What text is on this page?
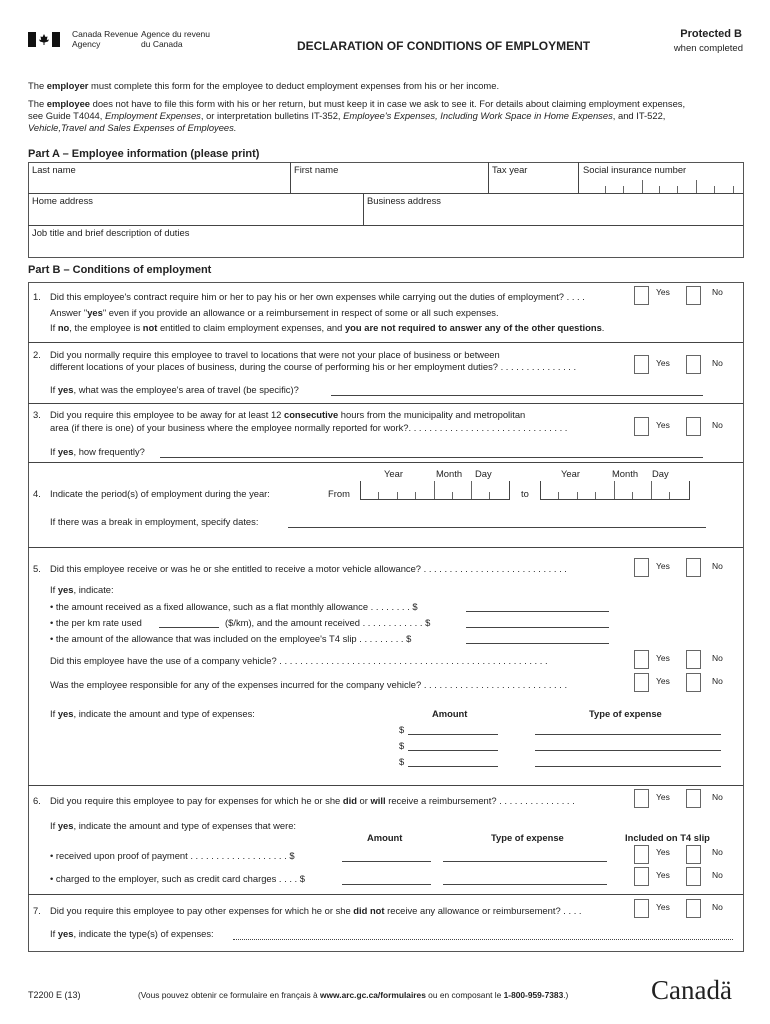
Canada Revenue
Agency
Agence du revenu
du Canada	DECLARATION OF CONDITIONS OF EMPLOYMENT
Protected B
when completed
The employer must complete this form for the employee to deduct employment expenses from his or her income.
The employee does not have to file this form with his or her return, but must keep it in case we ask to see it. For details about claiming employment expenses,
see Guide T4044, Employment Expenses, or interpretation bulletins IT-352, Employee's Expenses, Including Work Space in Home Expenses, and IT-522,
Vehicle,Travel and Sales Expenses of Employees.
Part A – Employee information (please print)
Last name	First name	Tax year	Social insurance number
Home address	Business address
Job title and brief description of duties
Part B – Conditions of employment
1. Did this employee's contract require him or her to pay his or her own expenses while carrying out the duties of employment? . . . .	Yes	No
Answer "yes" even if you provide an allowance or a reimbursement in respect of some or all such expenses.
If no, the employee is not entitled to claim employment expenses, and you are not required to answer any of the other questions.
2. Did you normally require this employee to travel to locations that were not your place of business or between
different locations of your places of business, during the course of performing his or her employment duties? . . . . . . . . . . . . . . .	Yes	No
If yes, what was the employee's area of travel (be specific)?
3. Did you require this employee to be away for at least 12 consecutive hours from the municipality and metropolitan
area (if there is one) of your business where the employee normally reported for work?. . . . . . . . . . . . . . . . . . . . . . . . . . . . . . .	Yes	No
If yes, how frequently?
Year	Month Day	Year	Month Day
4. Indicate the period(s) of employment during the year:	From	to
If there was a break in employment, specify dates:
5. Did this employee receive or was he or she entitled to receive a motor vehicle allowance? . . . . . . . . . . . . . . . . . . . . . . . . . . . .	Yes	No
If yes, indicate:
• the amount received as a fixed allowance, such as a flat monthly allowance . . . . . . . . $
• the per km rate used	($/km), and the amount received . . . . . . . . . . . . $
• the amount of the allowance that was included on the employee's T4 slip . . . . . . . . . $
Did this employee have the use of a company vehicle? . . . . . . . . . . . . . . . . . . . . . . . . . . . . . . . . . . . . . . . . . . . . . . . . . . . .	Yes	No
Was the employee responsible for any of the expenses incurred for the company vehicle? . . . . . . . . . . . . . . . . . . . . . . . . . . . .	Yes	No
If yes, indicate the amount and type of expenses:	Amount	Type of expense
$
$
$
6. Did you require this employee to pay for expenses for which he or she did or will receive a reimbursement? . . . . . . . . . . . . . . .	Yes	No
If yes, indicate the amount and type of expenses that were:
Amount	Type of expense	Included on T4 slip
• received upon proof of payment . . . . . . . . . . . . . . . . . . . $	Yes	No
• charged to the employer, such as credit card charges . . . . $	Yes	No
7. Did you require this employee to pay other expenses for which he or she did not receive any allowance or reimbursement? . . . .	Yes	No
If yes, indicate the type(s) of expenses:
T2200 E (13)	(Vous pouvez obtenir ce formulaire en français à www.arc.gc.ca/formulaires ou en composant le 1-800-959-7383.)	Canadä
